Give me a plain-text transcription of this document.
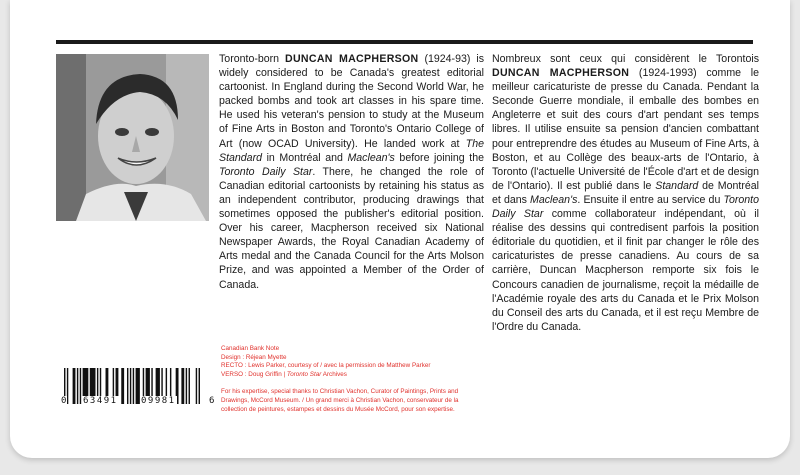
Toronto-born DUNCAN MACPHERSON (1924-93) is widely considered to be Canada's greatest editorial cartoonist. In England during the Second World War, he packed bombs and took art classes in his spare time. He used his veteran's pension to study at the Museum of Fine Arts in Boston and Toronto's Ontario College of Art (now OCAD University). He landed work at The Standard in Montréal and Maclean's before joining the Toronto Daily Star. There, he changed the role of Canadian editorial cartoonists by retaining his status as an independent contributor, producing drawings that sometimes opposed the publisher's editorial position. Over his career, Macpherson received six National Newspaper Awards, the Royal Canadian Academy of Arts medal and the Canada Council for the Arts Molson Prize, and was appointed a Member of the Order of Canada.
Nombreux sont ceux qui considèrent le Torontois DUNCAN MACPHERSON (1924-1993) comme le meilleur caricaturiste de presse du Canada. Pendant la Seconde Guerre mondiale, il emballe des bombes en Angleterre et suit des cours d'art pendant ses temps libres. Il utilise ensuite sa pension d'ancien combattant pour entreprendre des études au Museum of Fine Arts, à Boston, et au Collège des beaux-arts de l'Ontario, à Toronto (l'actuelle Université de l'École d'art et de design de l'Ontario). Il est publié dans le Standard de Montréal et dans Maclean's. Ensuite il entre au service du Toronto Daily Star comme collaborateur indépendant, où il réalise des dessins qui contredisent parfois la position éditoriale du quotidien, et il finit par changer le rôle des caricaturistes de presse canadiens. Au cours de sa carrière, Duncan Macpherson remporte six fois le Concours canadien de journalisme, reçoit la médaille de l'Académie royale des arts du Canada et le Prix Molson du Conseil des arts du Canada, et il est reçu Membre de l'Ordre du Canada.
Canadian Bank Note
Design : Réjean Myette
RECTO : Lewis Parker, courtesy of / avec la permission de Matthew Parker
VERSO : Doug Griffin | Toronto Star Archives
For his expertise, special thanks to Christian Vachon, Curator of Paintings, Prints and Drawings, McCord Museum. / Un grand merci à Christian Vachon, conservateur de la collection de peintures, estampes et dessins du Musée McCord, pour son expertise.
0 63491	09981	6
